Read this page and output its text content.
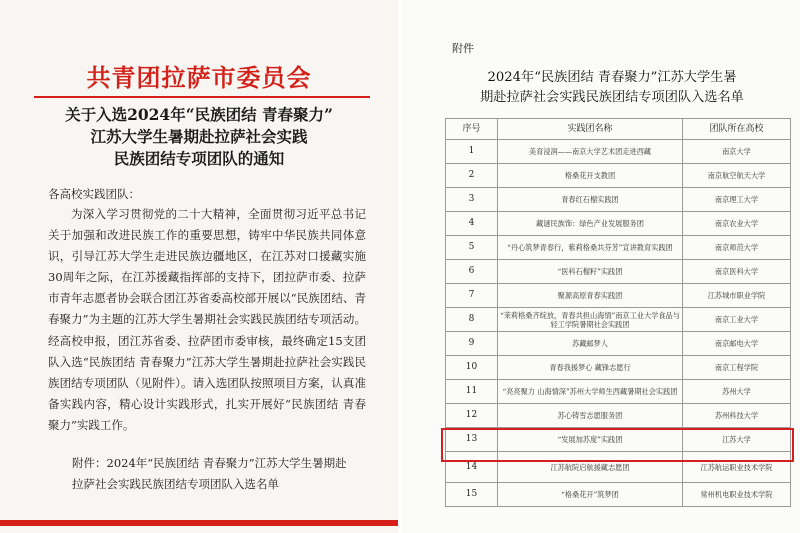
共青团拉萨市委员会
关于入选2024年“民族团结 青春聚力”
江苏大学生暑期赴拉萨社会实践
民族团结专项团队的通知
各高校实践团队：

为深入学习贯彻党的二十大精神，全面贯彻习近平总书记关于加强和改进民族工作的重要思想，铸牢中华民族共同体意识，引导江苏大学生走进民族边疆地区，在江苏对口援藏实施30周年之际，在江苏援藏指挥部的支持下，团拉萨市委、拉萨市青年志愿者协会联合团江苏省委高校部开展以“民族团结、青春聚力”为主题的江苏大学生暑期社会实践民族团结专项活动。经高校申报，团江苏省委、拉萨团市委审核，最终确定15支团队入选“民族团结 青春聚力”江苏大学生暑期赴拉萨社会实践民族团结专项团队（见附件）。请入选团队按照项目方案，认真准备实践内容，精心设计实践形式，扎实开展好“民族团结 青春聚力”实践工作。

附件：2024年“民族团结 青春聚力”江苏大学生暑期赴
拉萨社会实践民族团结专项团队入选名单
附件
2024年“民族团结 青春聚力”江苏大学生暑
期赴拉萨社会实践民族团结专项团队入选名单
序号	实践团名称	团队所在高校
1	美育浸润——南京大学艺术团走进西藏	南京大学
2	格桑花开支教团	南京航空航天大学
3	青春红石榴实践团	南京理工大学
4	藏谜民族饰：绿色产业发展服务团	南京农业大学
5	“丹心筑梦青春行，紫莉格桑共芬芳”宣讲教育实践团	南京师范大学
6	“医科石榴籽”实践团	南京医科大学
7	聚源高原青春实践团	江苏城市职业学院
8	“茉莉格桑齐绽放，青春共担山海情”南京工业大学食品与轻工学院暑期社会实践团	南京工业大学
9	苏藏邮梦人	南京邮电大学
10	青春我援梦心 藏锋志愿行	南京工程学院
11	“亮亮聚力 山海情深”苏州大学师生西藏暑期社会实践团	苏州大学
12	苏心铸雪志愿服务团	苏州科技大学
13	“发展加苏度”实践团	江苏大学
14	江苏航院启航援藏志愿团	江苏航运职业技术学院
15	“格桑花开”筑梦团	常州机电职业技术学院
